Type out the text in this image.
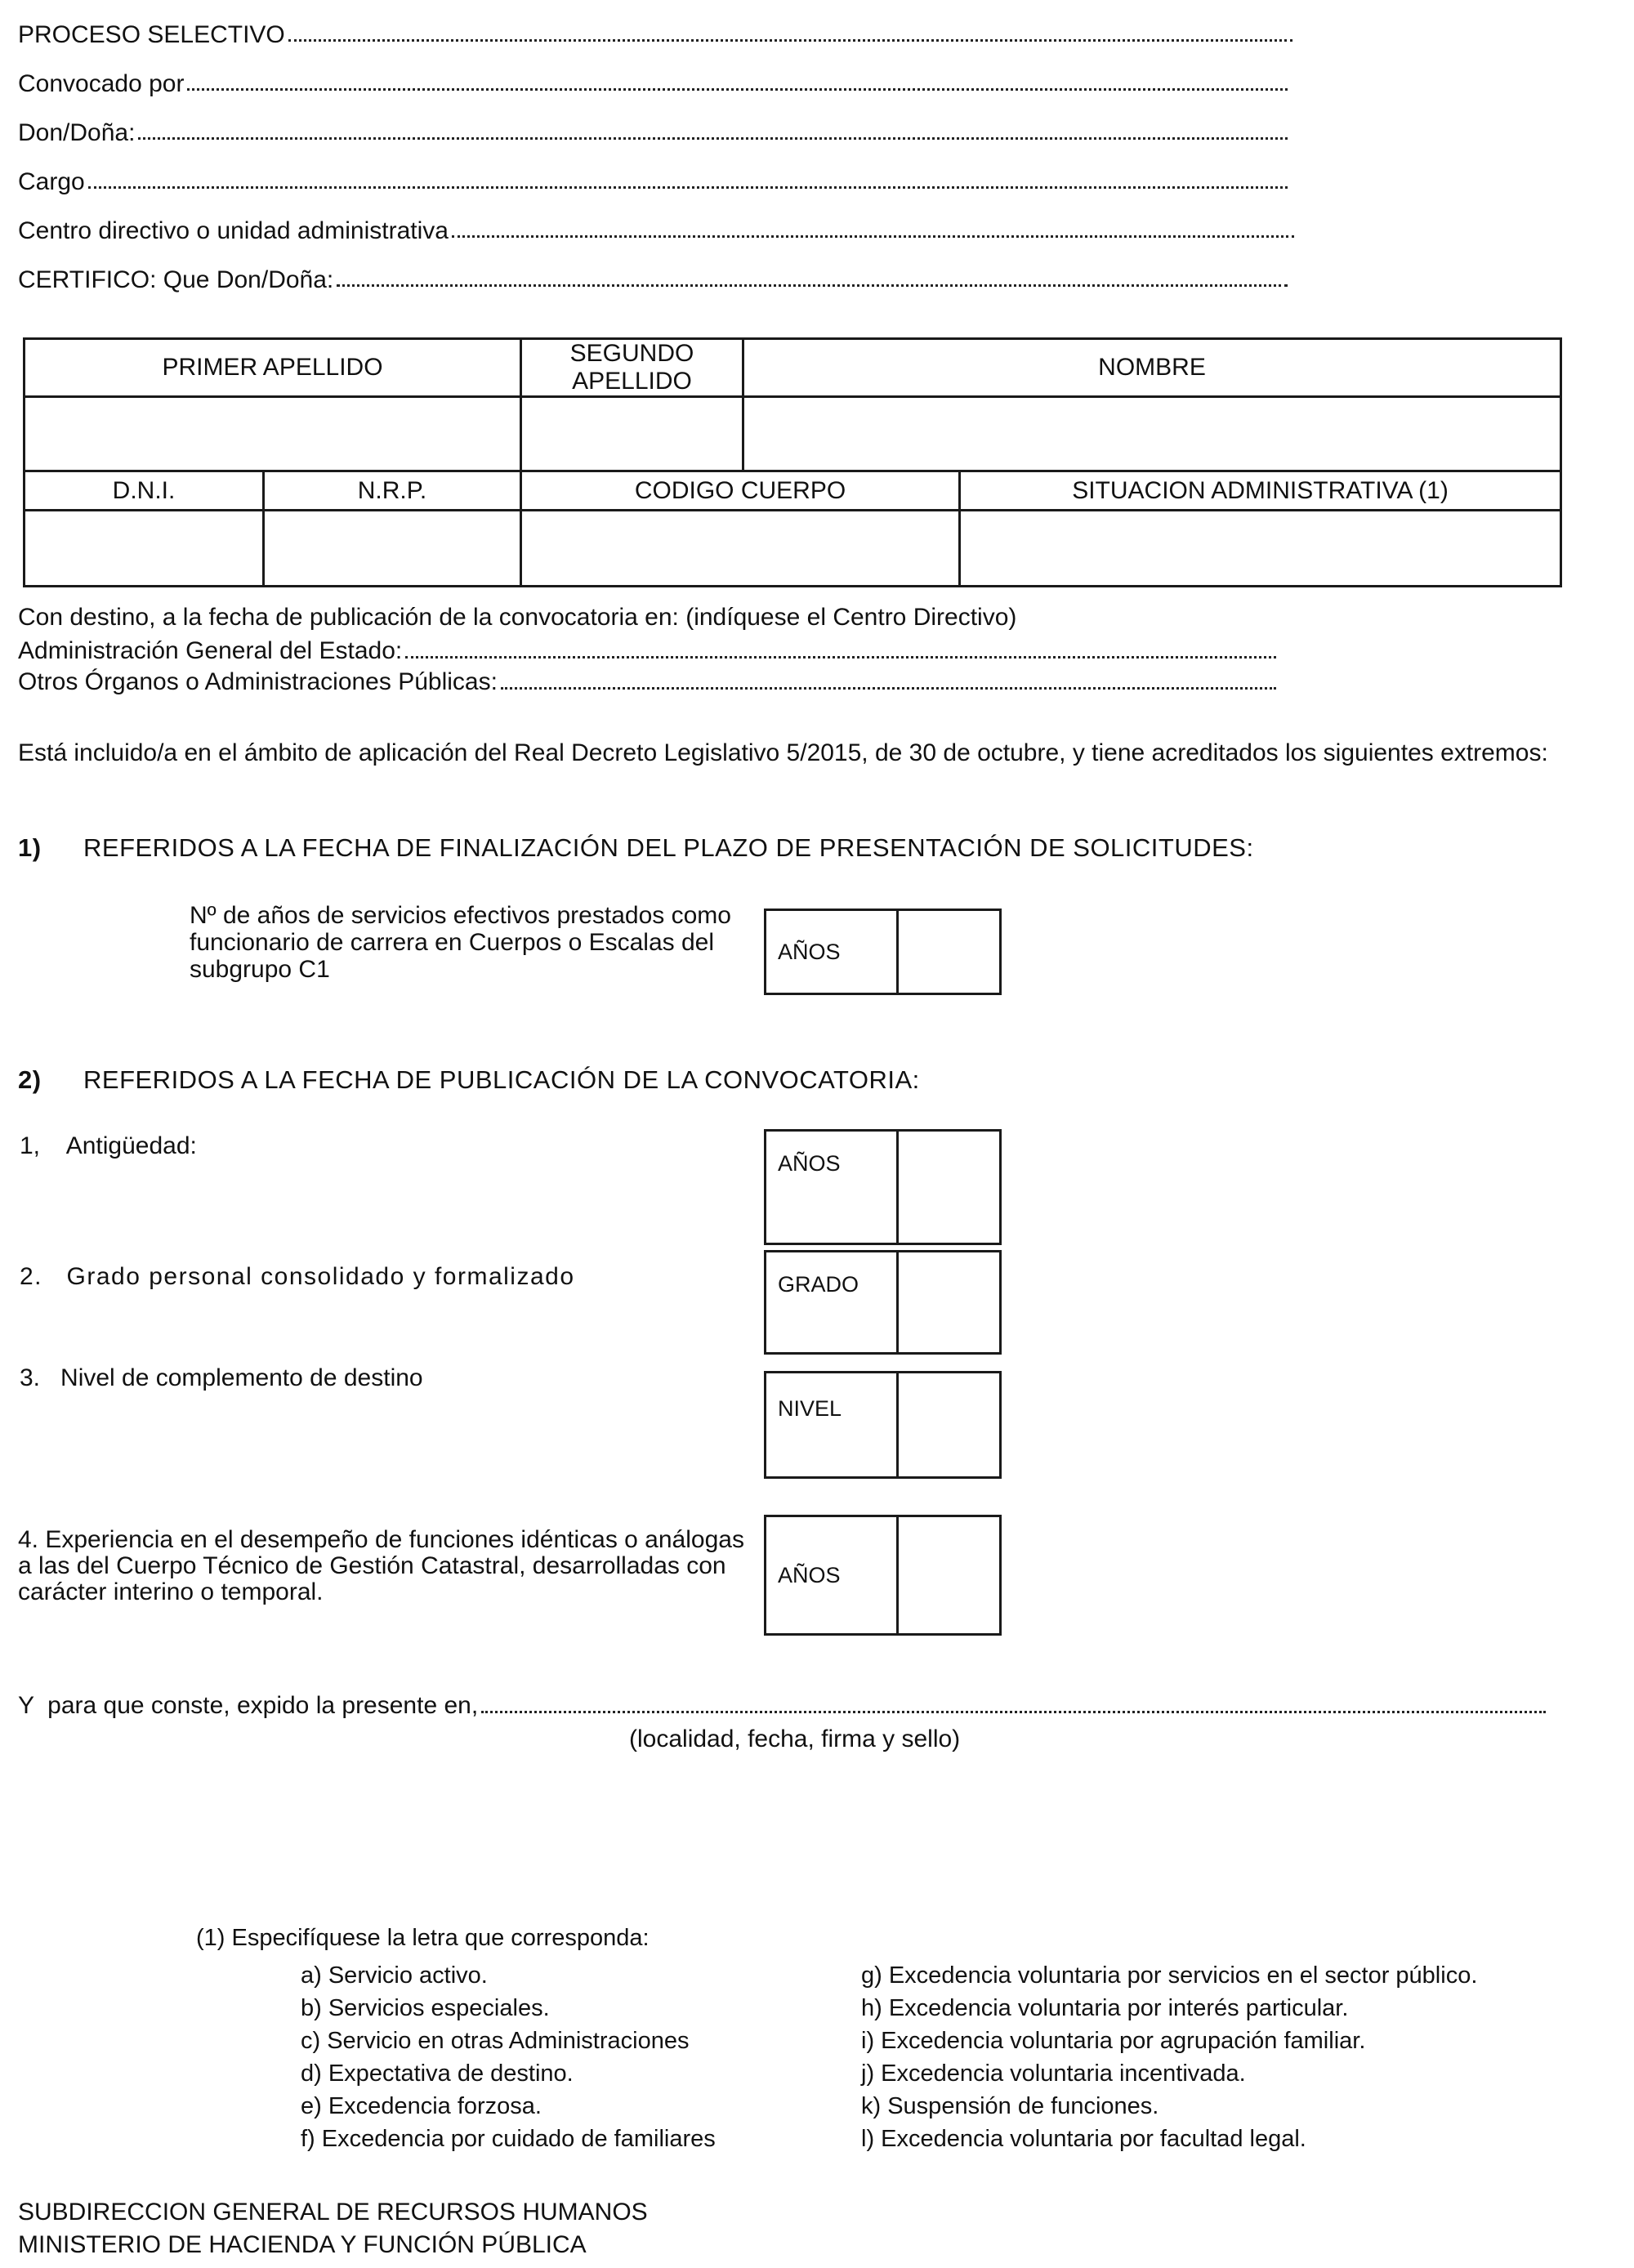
PROCESO SELECTIVO
Convocado por
Don/Doña:
Cargo
Centro directivo o unidad administrativa
CERTIFICO: Que Don/Doña:
PRIMER APELLIDO		SEGUNDO APELLIDO	NOMBRE	

D.N.I.	N.R.P.	CODIGO CUERPO		SITUACION ADMINISTRATIVA (1)

Con destino, a la fecha de publicación de la convocatoria en: (indíquese el Centro Directivo)
Administración General del Estado:
Otros Órganos o Administraciones Públicas:
Está incluido/a en el ámbito de aplicación del Real Decreto Legislativo 5/2015, de 30 de octubre, y tiene acreditados los siguientes extremos:
1) REFERIDOS A LA FECHA DE FINALIZACIÓN DEL PLAZO DE PRESENTACIÓN DE SOLICITUDES:
Nº de años de servicios efectivos prestados como funcionario de carrera en Cuerpos o Escalas del subgrupo C1
AÑOS
2) REFERIDOS A LA FECHA DE PUBLICACIÓN DE LA CONVOCATORIA:
1,    Antigüedad:
AÑOS
2.   Grado personal consolidado y formalizado	GRADO
3.   Nivel de complemento de destino
NIVEL
4. Experiencia en el desempeño de funciones idénticas o análogas a las del Cuerpo Técnico de Gestión Catastral, desarrolladas con carácter interino o temporal.
AÑOS
Y  para que conste, expido la presente en,
(localidad, fecha, firma y sello)
(1) Especifíquese la letra que corresponda:
a) Servicio activo.
b) Servicios especiales.
c) Servicio en otras Administraciones
d) Expectativa de destino.
e) Excedencia forzosa.
f) Excedencia por cuidado de familiares
g) Excedencia voluntaria por servicios en el sector público.
h) Excedencia voluntaria por interés particular.
i) Excedencia voluntaria por agrupación familiar.
j) Excedencia voluntaria incentivada.
k) Suspensión de funciones.
l) Excedencia voluntaria por facultad legal.
SUBDIRECCION GENERAL DE RECURSOS HUMANOS
MINISTERIO DE HACIENDA Y FUNCIÓN PÚBLICA
